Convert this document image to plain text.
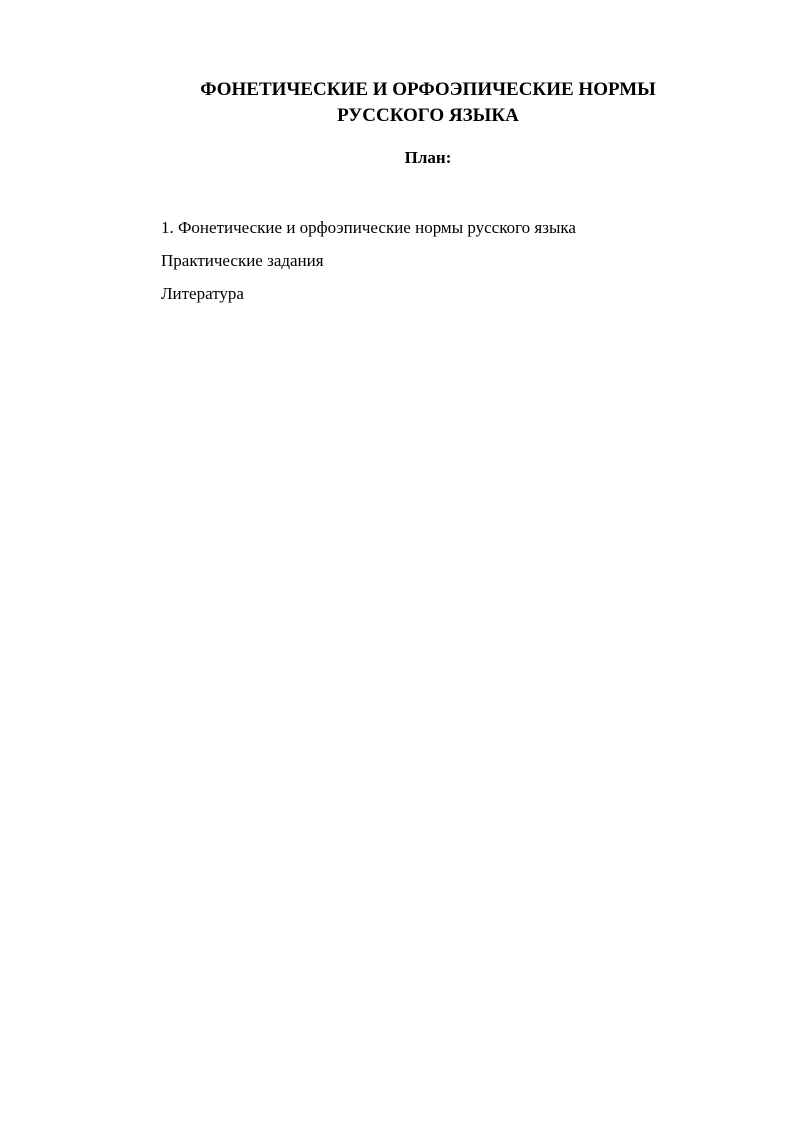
ФОНЕТИЧЕСКИЕ И ОРФОЭПИЧЕСКИЕ НОРМЫ
РУССКОГО ЯЗЫКА
План:
1. Фонетические и орфоэпические нормы русского языка
Практические задания
Литература
